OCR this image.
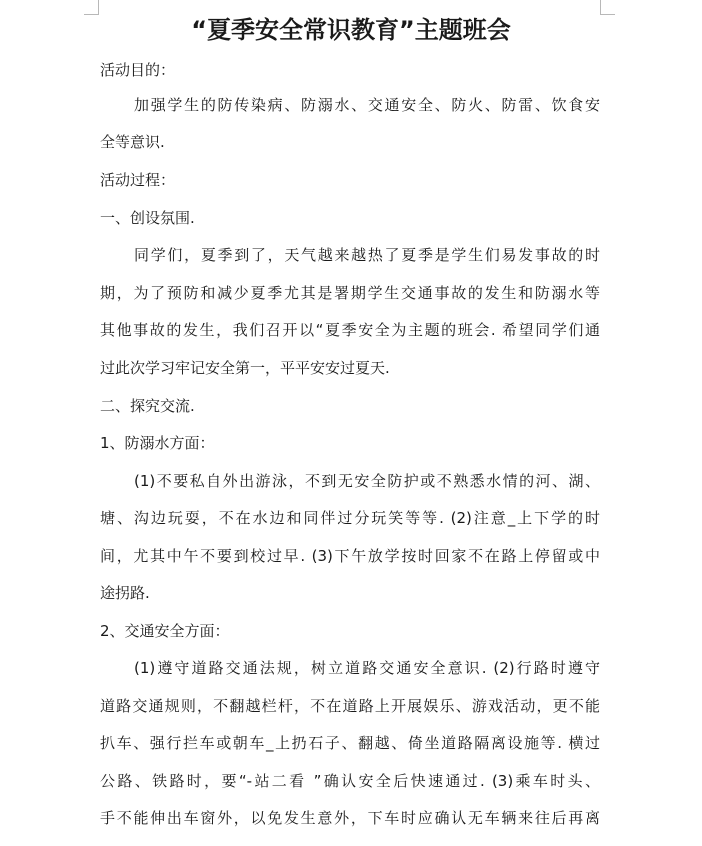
“夏季安全常识教育”主题班会
活动目的：
加强学生的防传染病、防溺水、交通安全、防火、防雷、饮食安
全等意识.
活动过程：
一、创设氛围.
同学们，夏季到了，天气越来越热了夏季是学生们易发事故的时
期，为了预防和减少夏季尤其是署期学生交通事故的发生和防溺水等
其他事故的发生，我们召开以“夏季安全为主题的班会. 希望同学们通
过此次学习牢记安全第一，平平安安过夏天.
二、探究交流.
1、防溺水方面：
(1)不要私自外出游泳，不到无安全防护或不熟悉水情的河、湖、
塘、沟边玩耍，不在水边和同伴过分玩笑等等. (2)注意_上下学的时
间，尤其中午不要到校过早. (3)下午放学按时回家不在路上停留或中
途拐路.
2、交通安全方面：
(1)遵守道路交通法规，树立道路交通安全意识. (2)行路时遵守
道路交通规则，不翻越栏杆，不在道路上开展娱乐、游戏活动，更不能
扒车、强行拦车或朝车_上扔石子、翻越、倚坐道路隔离设施等. 横过
公路、铁路时，要“-站二看 ”确认安全后快速通过. (3)乘车时头、
手不能伸出车窗外，以免发生意外，下车时应确认无车辆来往后再离
